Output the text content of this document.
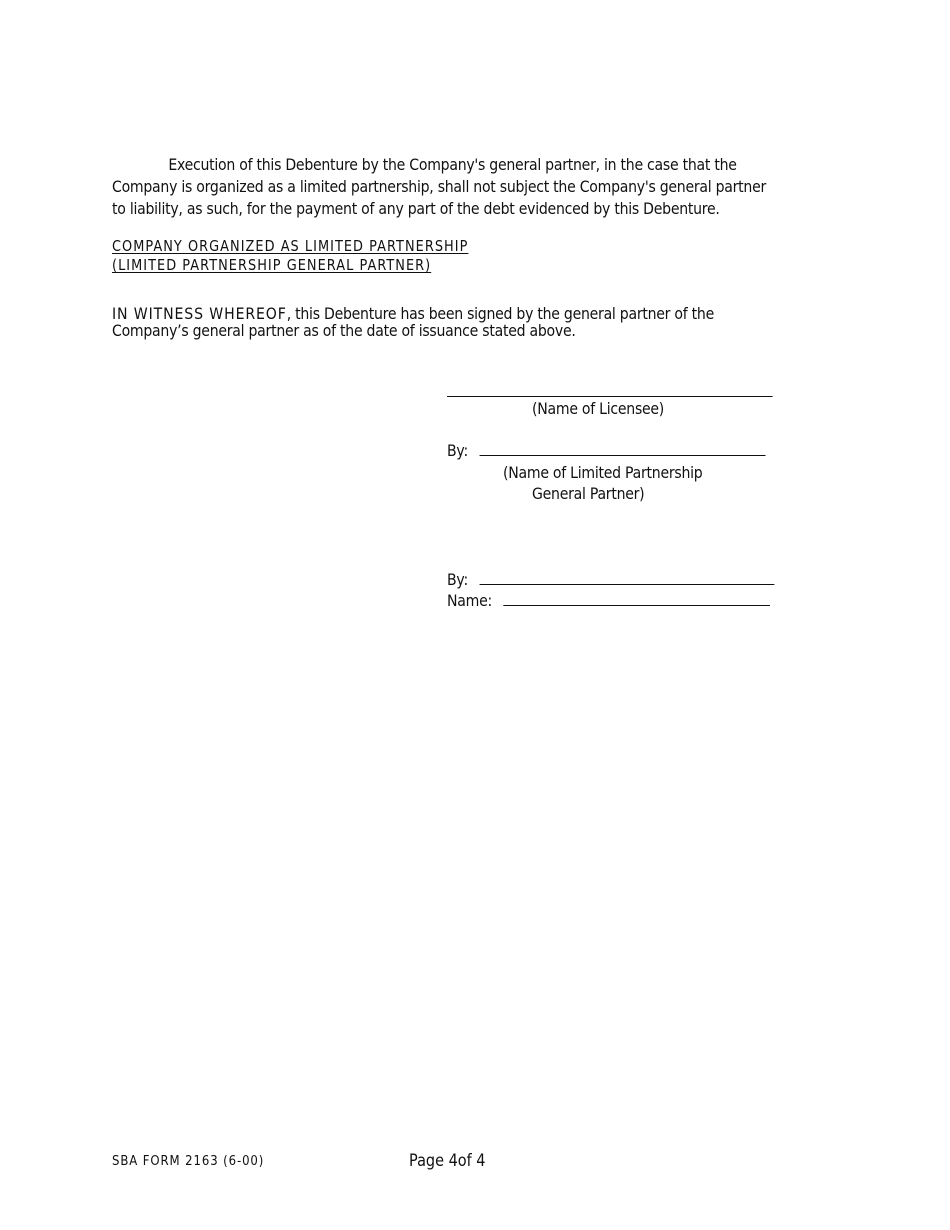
Execution of this Debenture by the Company's general partner, in the case that the
Company is organized as a limited partnership, shall not subject the Company's general partner
to liability, as such, for the payment of any part of the debt evidenced by this Debenture.
COMPANY ORGANIZED AS LIMITED PARTNERSHIP
(LIMITED PARTNERSHIP GENERAL PARTNER)
IN WITNESS WHEREOF, this Debenture has been signed by the general partner of the
Company’s general partner as of the date of issuance stated above.
(Name of Licensee)
By:
(Name of Limited Partnership
General Partner)
By:
Name:
SBA FORM 2163 (6-00)	Page 4of 4
